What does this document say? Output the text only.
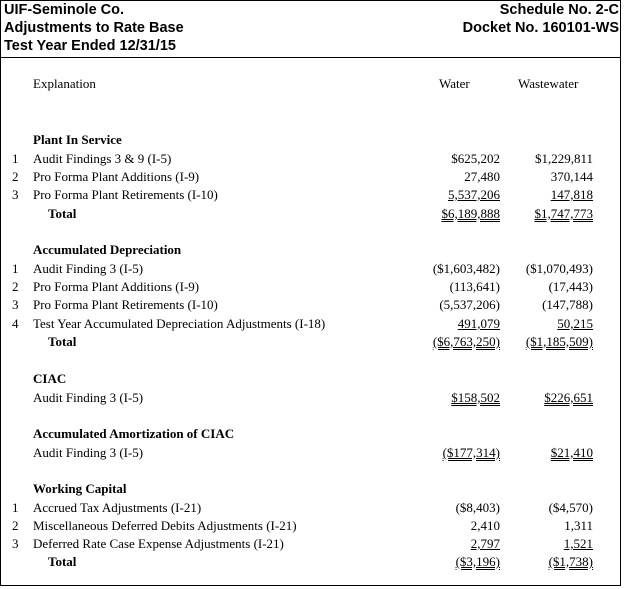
UIF-Seminole Co.
Adjustments to Rate Base
Test Year Ended 12/31/15
Schedule No. 2-C
Docket No. 160101-WS
Explanation	Water	Wastewater
Plant In Service
1 Audit Findings 3 & 9 (I-5)	$625,202	$1,229,811
2 Pro Forma Plant Additions (I-9)	27,480	370,144
3 Pro Forma Plant Retirements (I-10)	5,537,206	147,818
Total	$6,189,888	$1,747,773
Accumulated Depreciation
1 Audit Finding 3 (I-5)	($1,603,482) ($1,070,493)
2 Pro Forma Plant Additions (I-9)	(113,641)	(17,443)
3 Pro Forma Plant Retirements (I-10)	(5,537,206)	(147,788)
4 Test Year Accumulated Depreciation Adjustments (I-18)	491,079	50,215
Total	($6,763,250) ($1,185,509)
CIAC
Audit Finding 3 (I-5)	$158,502	$226,651
Accumulated Amortization of CIAC
Audit Finding 3 (I-5)	($177,314)	$21,410
Working Capital
1 Accrued Tax Adjustments (I-21)	($8,403)	($4,570)
2 Miscellaneous Deferred Debits Adjustments (I-21)	2,410	1,311
3 Deferred Rate Case Expense Adjustments (I-21)	2,797	1,521
Total	($3,196)	($1,738)
